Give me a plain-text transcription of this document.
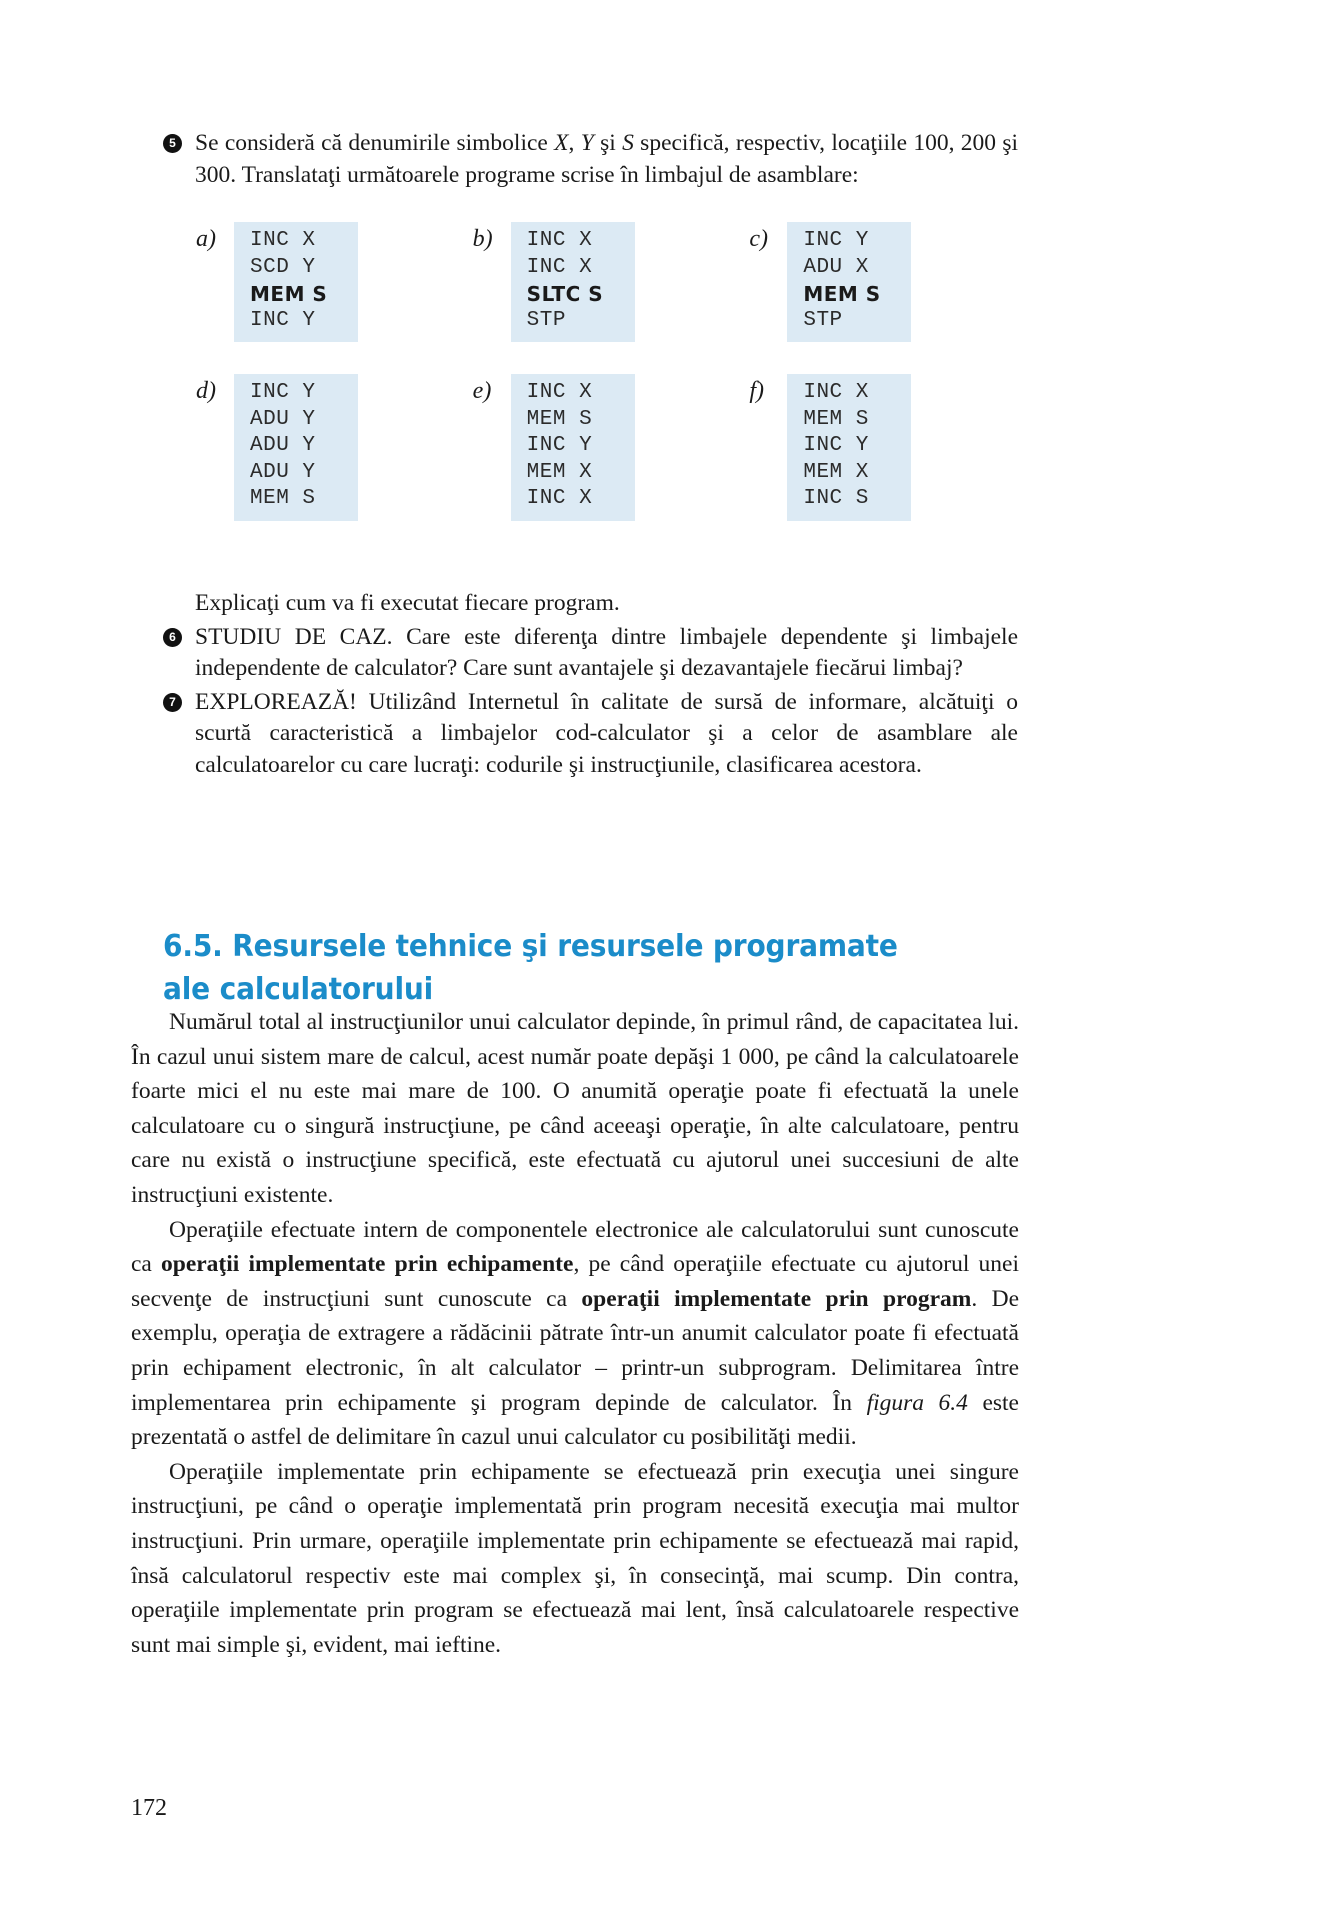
5 Se consideră că denumirile simbolice X, Y şi S specifică, respectiv, locaţiile 100, 200 şi 300. Translataţi următoarele programe scrise în limbajul de asamblare:
a)	INC X
SCD Y
MEM S
INC Y
b)	INC X
INC X
SLTC S
STP
c)	INC Y
ADU X
MEM S
STP
d)	INC Y
ADU Y
ADU Y
ADU Y
MEM S
e)	INC X
MEM S
INC Y
MEM X
INC X
f)	INC X
MEM S
INC Y
MEM X
INC S
Explicaţi cum va fi executat fiecare program.
6 STUDIU DE CAZ. Care este diferenţa dintre limbajele dependente şi limbajele independente de calculator? Care sunt avantajele şi dezavantajele fiecărui limbaj?
7 EXPLOREAZĂ! Utilizând Internetul în calitate de sursă de informare, alcătuiţi o scurtă caracteristică a limbajelor cod-calculator şi a celor de asamblare ale calculatoarelor cu care lucraţi: codurile şi instrucţiunile, clasificarea acestora.
6.5. Resursele tehnice şi resursele programate
ale calculatorului

Numărul total al instrucţiunilor unui calculator depinde, în primul rând, de capacitatea lui. În cazul unui sistem mare de calcul, acest număr poate depăşi 1 000, pe când la calculatoarele foarte mici el nu este mai mare de 100. O anumită operaţie poate fi efectuată la unele calculatoare cu o singură instrucţiune, pe când aceeaşi operaţie, în alte calculatoare, pentru care nu există o instrucţiune specifică, este efectuată cu ajutorul unei succesiuni de alte instrucţiuni existente.

Operaţiile efectuate intern de componentele electronice ale calculatorului sunt cunoscute ca operaţii implementate prin echipamente, pe când operaţiile efectuate cu ajutorul unei secvenţe de instrucţiuni sunt cunoscute ca operaţii implementate prin program. De exemplu, operaţia de extragere a rădăcinii pătrate într-un anumit calculator poate fi efectuată prin echipament electronic, în alt calculator – printr-un subprogram. Delimitarea între implementarea prin echipamente şi program depinde de calculator. În figura 6.4 este prezentată o astfel de delimitare în cazul unui calculator cu posibilităţi medii.

Operaţiile implementate prin echipamente se efectuează prin execuţia unei singure instrucţiuni, pe când o operaţie implementată prin program necesită execuţia mai multor instrucţiuni. Prin urmare, operaţiile implementate prin echipamente se efectuează mai rapid, însă calculatorul respectiv este mai complex şi, în consecinţă, mai scump. Din contra, operaţiile implementate prin program se efectuează mai lent, însă calculatoarele respective sunt mai simple şi, evident, mai ieftine.

172
